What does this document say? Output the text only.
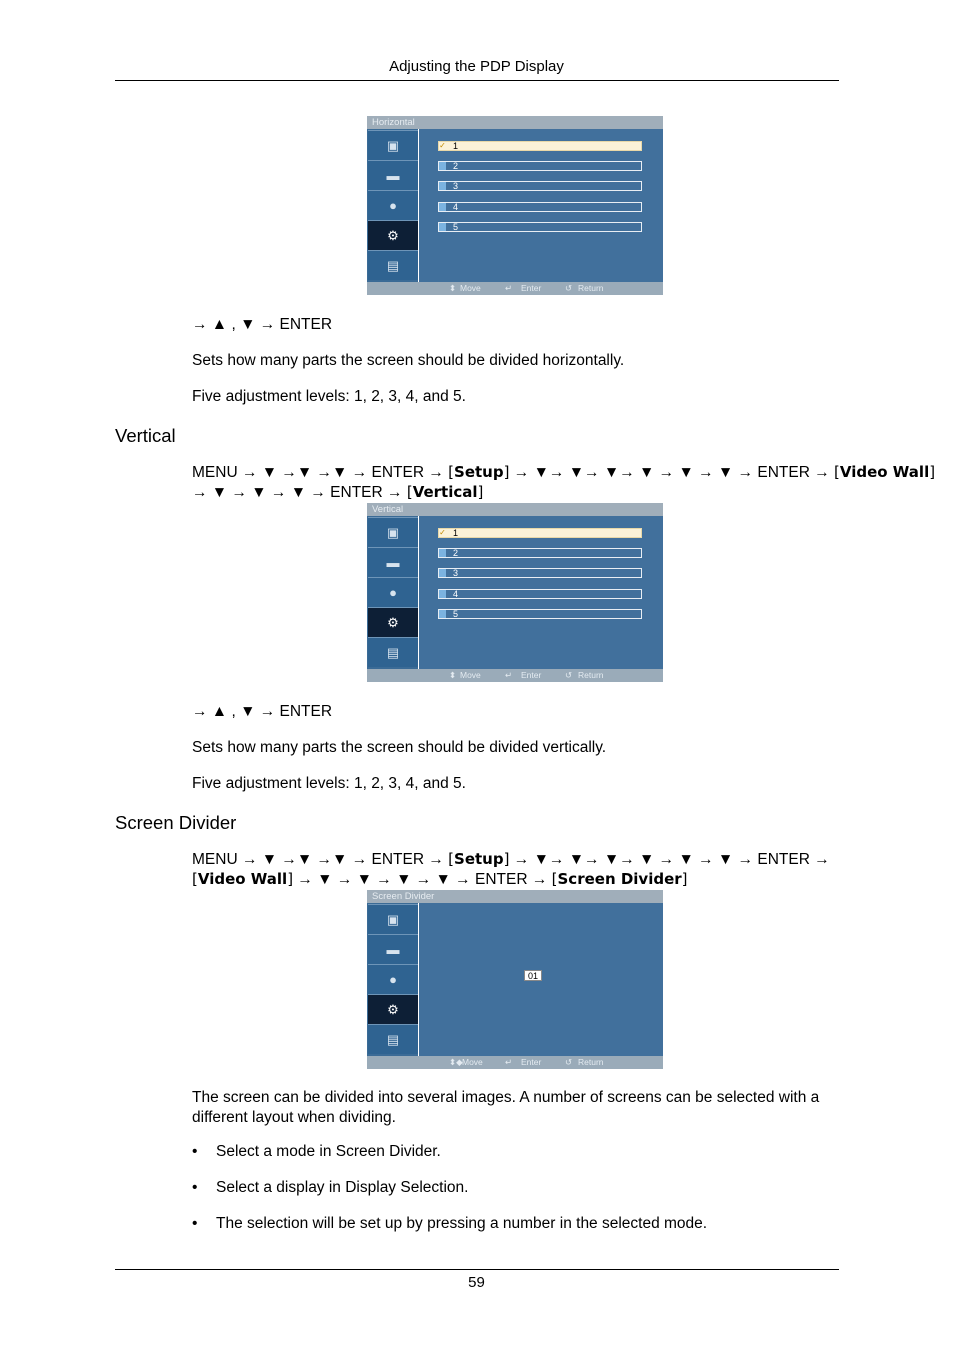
Adjusting the PDP Display
Horizontal
▣
▬
●
⚙
▤
✓ 1
2
3
4
5
⬍ Move	↵ Enter	↺ Return
→ ▲ , ▼ → ENTER
Sets how many parts the screen should be divided horizontally.
Five adjustment levels: 1, 2, 3, 4, and 5.
Vertical
MENU → ▼ →▼ →▼ → ENTER → [ Setup ] → ▼→ ▼→ ▼→ ▼ → ▼ → ▼ → ENTER → [ Video Wall ]
→ ▼ → ▼ → ▼ → ENTER → [ Vertical ]
Vertical
▣
▬
●
⚙
▤
✓ 1
2
3
4
5
⬍ Move	↵ Enter	↺ Return
→ ▲ , ▼ → ENTER
Sets how many parts the screen should be divided vertically.
Five adjustment levels: 1, 2, 3, 4, and 5.
Screen Divider
MENU → ▼ →▼ →▼ → ENTER → [ Setup ] → ▼→ ▼→ ▼→ ▼ → ▼ → ▼ → ENTER →
[ Video Wall ] → ▼ → ▼ → ▼ → ▼ → ENTER → [ Screen Divider ]
Screen Divider
▣
▬
●
⚙
▤
01
⬍◆ Move	↵ Enter	↺ Return
The screen can be divided into several images. A number of screens can be selected with a
different layout when dividing.
• Select a mode in Screen Divider.
• Select a display in Display Selection.
• The selection will be set up by pressing a number in the selected mode.
59
